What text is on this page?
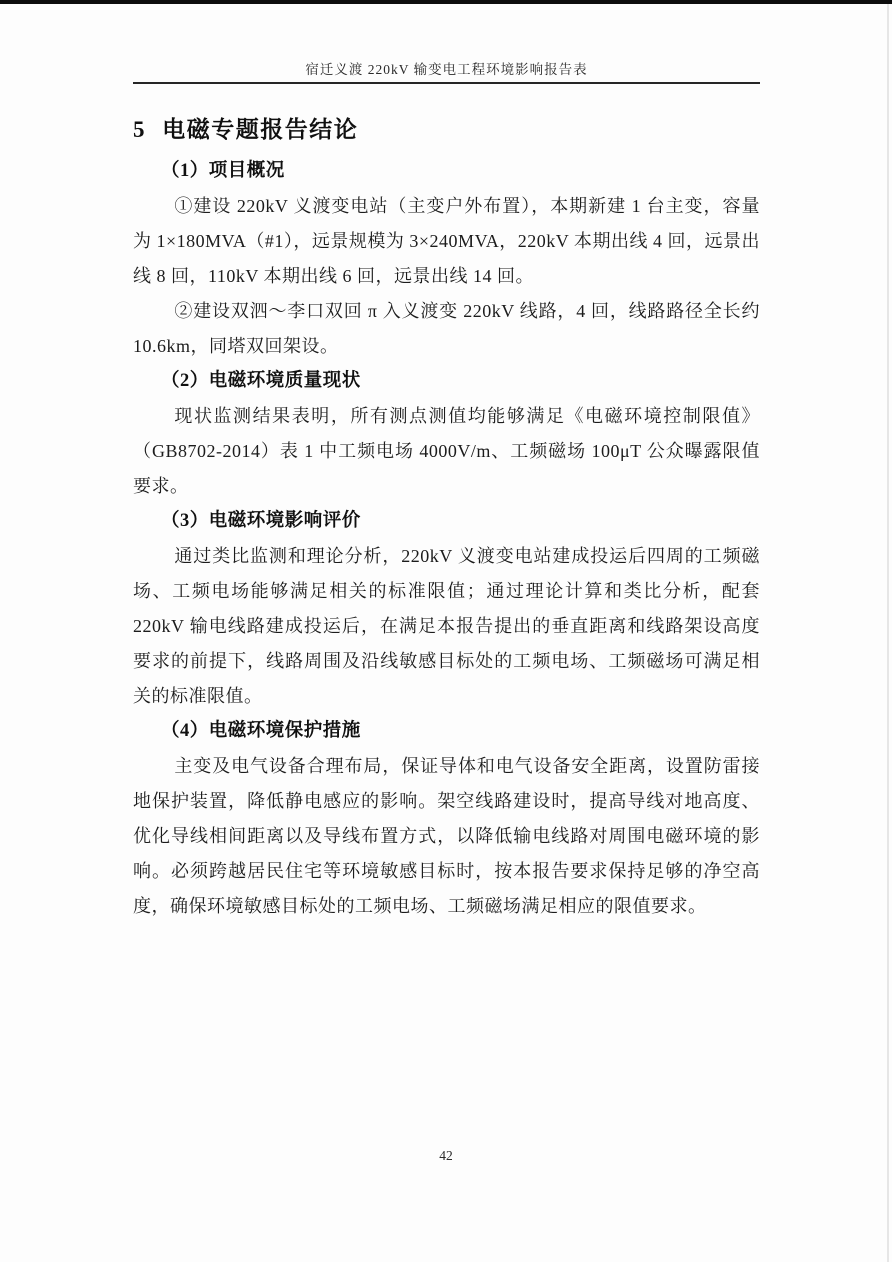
宿迁义渡 220kV 输变电工程环境影响报告表
5 电磁专题报告结论
（1）项目概况

①建设 220kV 义渡变电站（主变户外布置），本期新建 1 台主变，容量为 1×180MVA（#1），远景规模为 3×240MVA，220kV 本期出线 4 回，远景出线 8 回，110kV 本期出线 6 回，远景出线 14 回。

②建设双泗～李口双回 π 入义渡变 220kV 线路，4 回，线路路径全长约 10.6km，同塔双回架设。

（2）电磁环境质量现状

现状监测结果表明，所有测点测值均能够满足《电磁环境控制限值》（GB8702-2014）表 1 中工频电场 4000V/m、工频磁场 100μT 公众曝露限值要求。

（3）电磁环境影响评价

通过类比监测和理论分析，220kV 义渡变电站建成投运后四周的工频磁场、工频电场能够满足相关的标准限值；通过理论计算和类比分析，配套 220kV 输电线路建成投运后，在满足本报告提出的垂直距离和线路架设高度要求的前提下，线路周围及沿线敏感目标处的工频电场、工频磁场可满足相关的标准限值。

（4）电磁环境保护措施

主变及电气设备合理布局，保证导体和电气设备安全距离，设置防雷接地保护装置，降低静电感应的影响。架空线路建设时，提高导线对地高度、优化导线相间距离以及导线布置方式，以降低输电线路对周围电磁环境的影响。必须跨越居民住宅等环境敏感目标时，按本报告要求保持足够的净空高度，确保环境敏感目标处的工频电场、工频磁场满足相应的限值要求。

42
